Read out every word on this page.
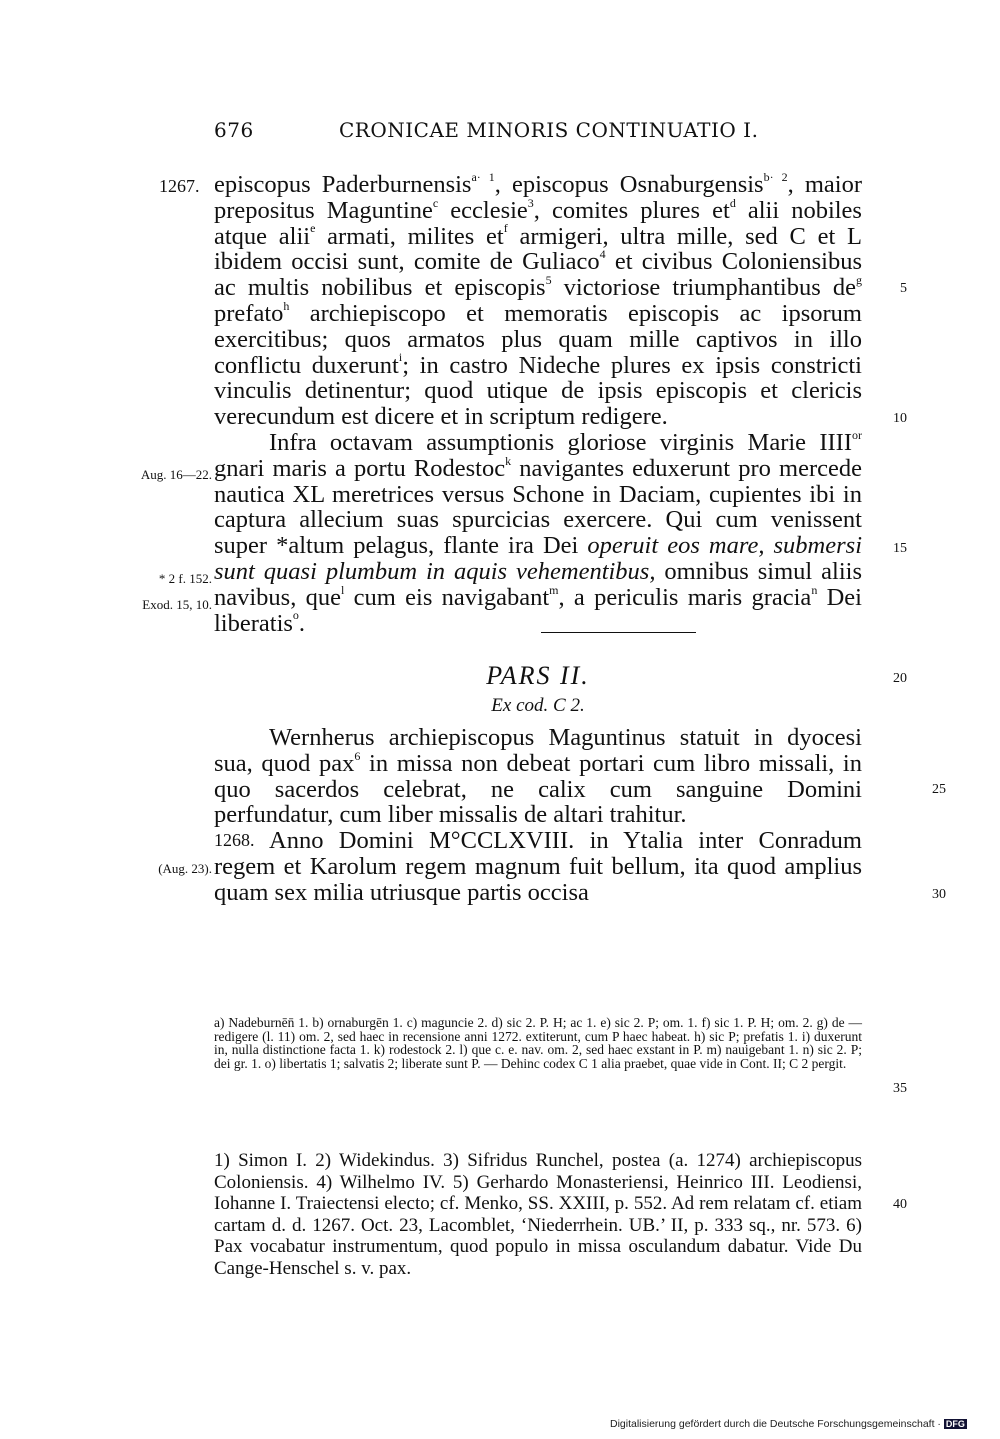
676	CRONICAE MINORIS CONTINUATIO I.
1267.
5
10
15
20
Aug. 16—22.
* 2 f. 152.
Exod. 15, 10.

episcopus Paderburnensis$^{a\cdot 1}$, episcopus Osnaburgensis$^{b\cdot 2}$, maior prepositus Maguntine$^c$ ecclesie$^3$, comites plures $et^d$ alii nobiles atque alii$^e$ armati, milites $et^f$ armigeri, ultra mille, sed C et L ibidem occisi sunt, comite de Guliaco$^4$ et civibus Coloniensibus ac multis nobilibus et episcopis$^5$ victoriose triumphantibus $de^g$ prefato$^h$ archiepiscopo et memoratis episcopis ac ipsorum exercitibus; quos armatos plus quam mille captivos in illo conflictu duxerunt$^i$; in castro Nideche plures ex ipsis constricti vinculis detinentur; quod utique de ipsis episcopis et clericis verecundum est dicere et in scriptum redigere.

Infra octavam assumptionis gloriose virginis Marie $IIII^{or}$ gnari maris a portu Rodestoc$^k$ navigantes eduxerunt pro mercede nautica XL meretrices versus Schone in Daciam, cupientes ibi in captura allecium suas spurcicias exercere. Qui cum venissent super *altum pelagus, flante ira Dei operuit eos mare, submersi sunt quasi plumbum in aquis vehementibus, omnibus simul aliis navibus, que$^l$ cum eis navigabant$^m$, a periculis maris gracia$^n$ Dei liberatis$^o$.

PARS II.
Ex cod. C 2.

25
Wernherus archiepiscopus Maguntinus statuit in dyocesi sua, quod pax$^6$ in missa non debeat portari cum libro missali, in quo sacerdos celebrat, ne calix cum sanguine Domini perfundatur, cum liber missalis de altari trahitur.

1268.
(Aug. 23).
30
Anno Domini M°CCLXVIII. in Ytalia inter Conradum regem et Karolum regem magnum fuit bellum, ita quod amplius quam sex milia utriusque partis occisa

35
a) Nadeburnēn̄ 1. b) ornaburgēn 1. c) maguncie 2. d) sic 2. P. H; ac 1. e) sic 2. P; om. 1. f) sic 1. P. H; om. 2. g) de — redigere (l. 11) om. 2, sed haec in recensione anni 1272. extiterunt, cum P haec habeat. h) sic P; prefatis 1. i) duxerunt in, nulla distinctione facta 1. k) rodestock 2. l) que c. e. nav. om. 2, sed haec exstant in P. m) nauigebant 1. n) sic 2. P; dei gr. 1. o) libertatis 1; salvatis 2; liberate sunt P. — Dehinc codex C 1 alia praebet, quae vide in Cont. II; C 2 pergit.
40
1) Simon I. 2) Widekindus. 3) Sifridus Runchel, postea (a. 1274) archiepiscopus Coloniensis. 4) Wilhelmo IV. 5) Gerhardo Monasteriensi, Heinrico III. Leodiensi, Iohanne I. Traiectensi electo; cf. Menko, SS. XXIII, p. 552. Ad rem relatam cf. etiam cartam d. d. 1267. Oct. 23, Lacomblet, ‘Niederrhein. UB.’ II, p. 333 sq., nr. 573. 6) Pax vocabatur instrumentum, quod populo in missa osculandum dabatur. Vide Du Cange-Henschel s. v. pax.
Digitalisierung gefördert durch die Deutsche Forschungsgemeinschaft · DFG
